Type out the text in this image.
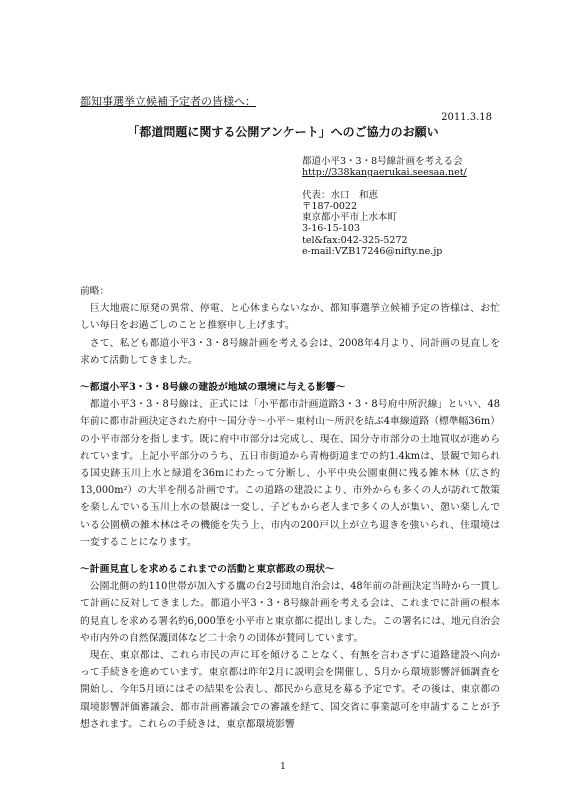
都知事選挙立候補予定者の皆様へ：
2011.3.18
「都道問題に関する公開アンケート」へのご協力のお願い
都道小平3・3・8号線計画を考える会
http://338kangaerukai.seesaa.net/
代表：水口　和恵
〒187-0022
東京都小平市上水本町
3-16-15-103
tel&fax:042-325-5272
e-mail:VZB17246@nifty.ne.jp

前略：

巨大地震に原発の異常、停電、と心休まらないなか、都知事選挙立候補予定の皆様は、お忙しい毎日をお過ごしのことと推察申し上げます。

さて、私ども都道小平3・3・8号線計画を考える会は、2008年4月より、同計画の見直しを求めて活動してきました。

〜都道小平3・3・8号線の建設が地域の環境に与える影響〜

都道小平3・3・8号線は、正式には「小平都市計画道路3・3・8号府中所沢線」といい、48年前に都市計画決定された府中〜国分寺〜小平〜東村山〜所沢を結ぶ4車線道路（標準幅36m）の小平市部分を指します。既に府中市部分は完成し、現在、国分寺市部分の土地買収が進められています。上記小平部分のうち、五日市街道から青梅街道までの約1.4kmは、景観で知られる国史跡玉川上水と緑道を36mにわたって分断し、小平中央公園東側に残る雑木林（広さ約13,000m²）の大半を削る計画です。この道路の建設により、市外からも多くの人が訪れて散策を楽しんでいる玉川上水の景観は一変し、子どもから老人まで多くの人が集い、憩い楽しんでいる公園横の雑木林はその機能を失う上、市内の200戸以上が立ち退きを強いられ、住環境は一変することになります。

〜計画見直しを求めるこれまでの活動と東京都政の現状〜

公園北側の約110世帯が加入する鷹の台2号団地自治会は、48年前の計画決定当時から一貫して計画に反対してきました。都道小平3・3・8号線計画を考える会は、これまでに計画の根本的見直しを求める署名約6,000筆を小平市と東京都に提出しました。この署名には、地元自治会や市内外の自然保護団体など二十余りの団体が賛同しています。

現在、東京都は、これら市民の声に耳を傾けることなく、有無を言わさずに道路建設へ向かって手続きを進めています。東京都は昨年2月に説明会を開催し、5月から環境影響評価調査を開始し、今年5月頃にはその結果を公表し、都民から意見を募る予定です。その後は、東京都の環境影響評価審議会、都市計画審議会での審議を経て、国交省に事業認可を申請することが予想されます。これらの手続きは、東京都環境影響

1
